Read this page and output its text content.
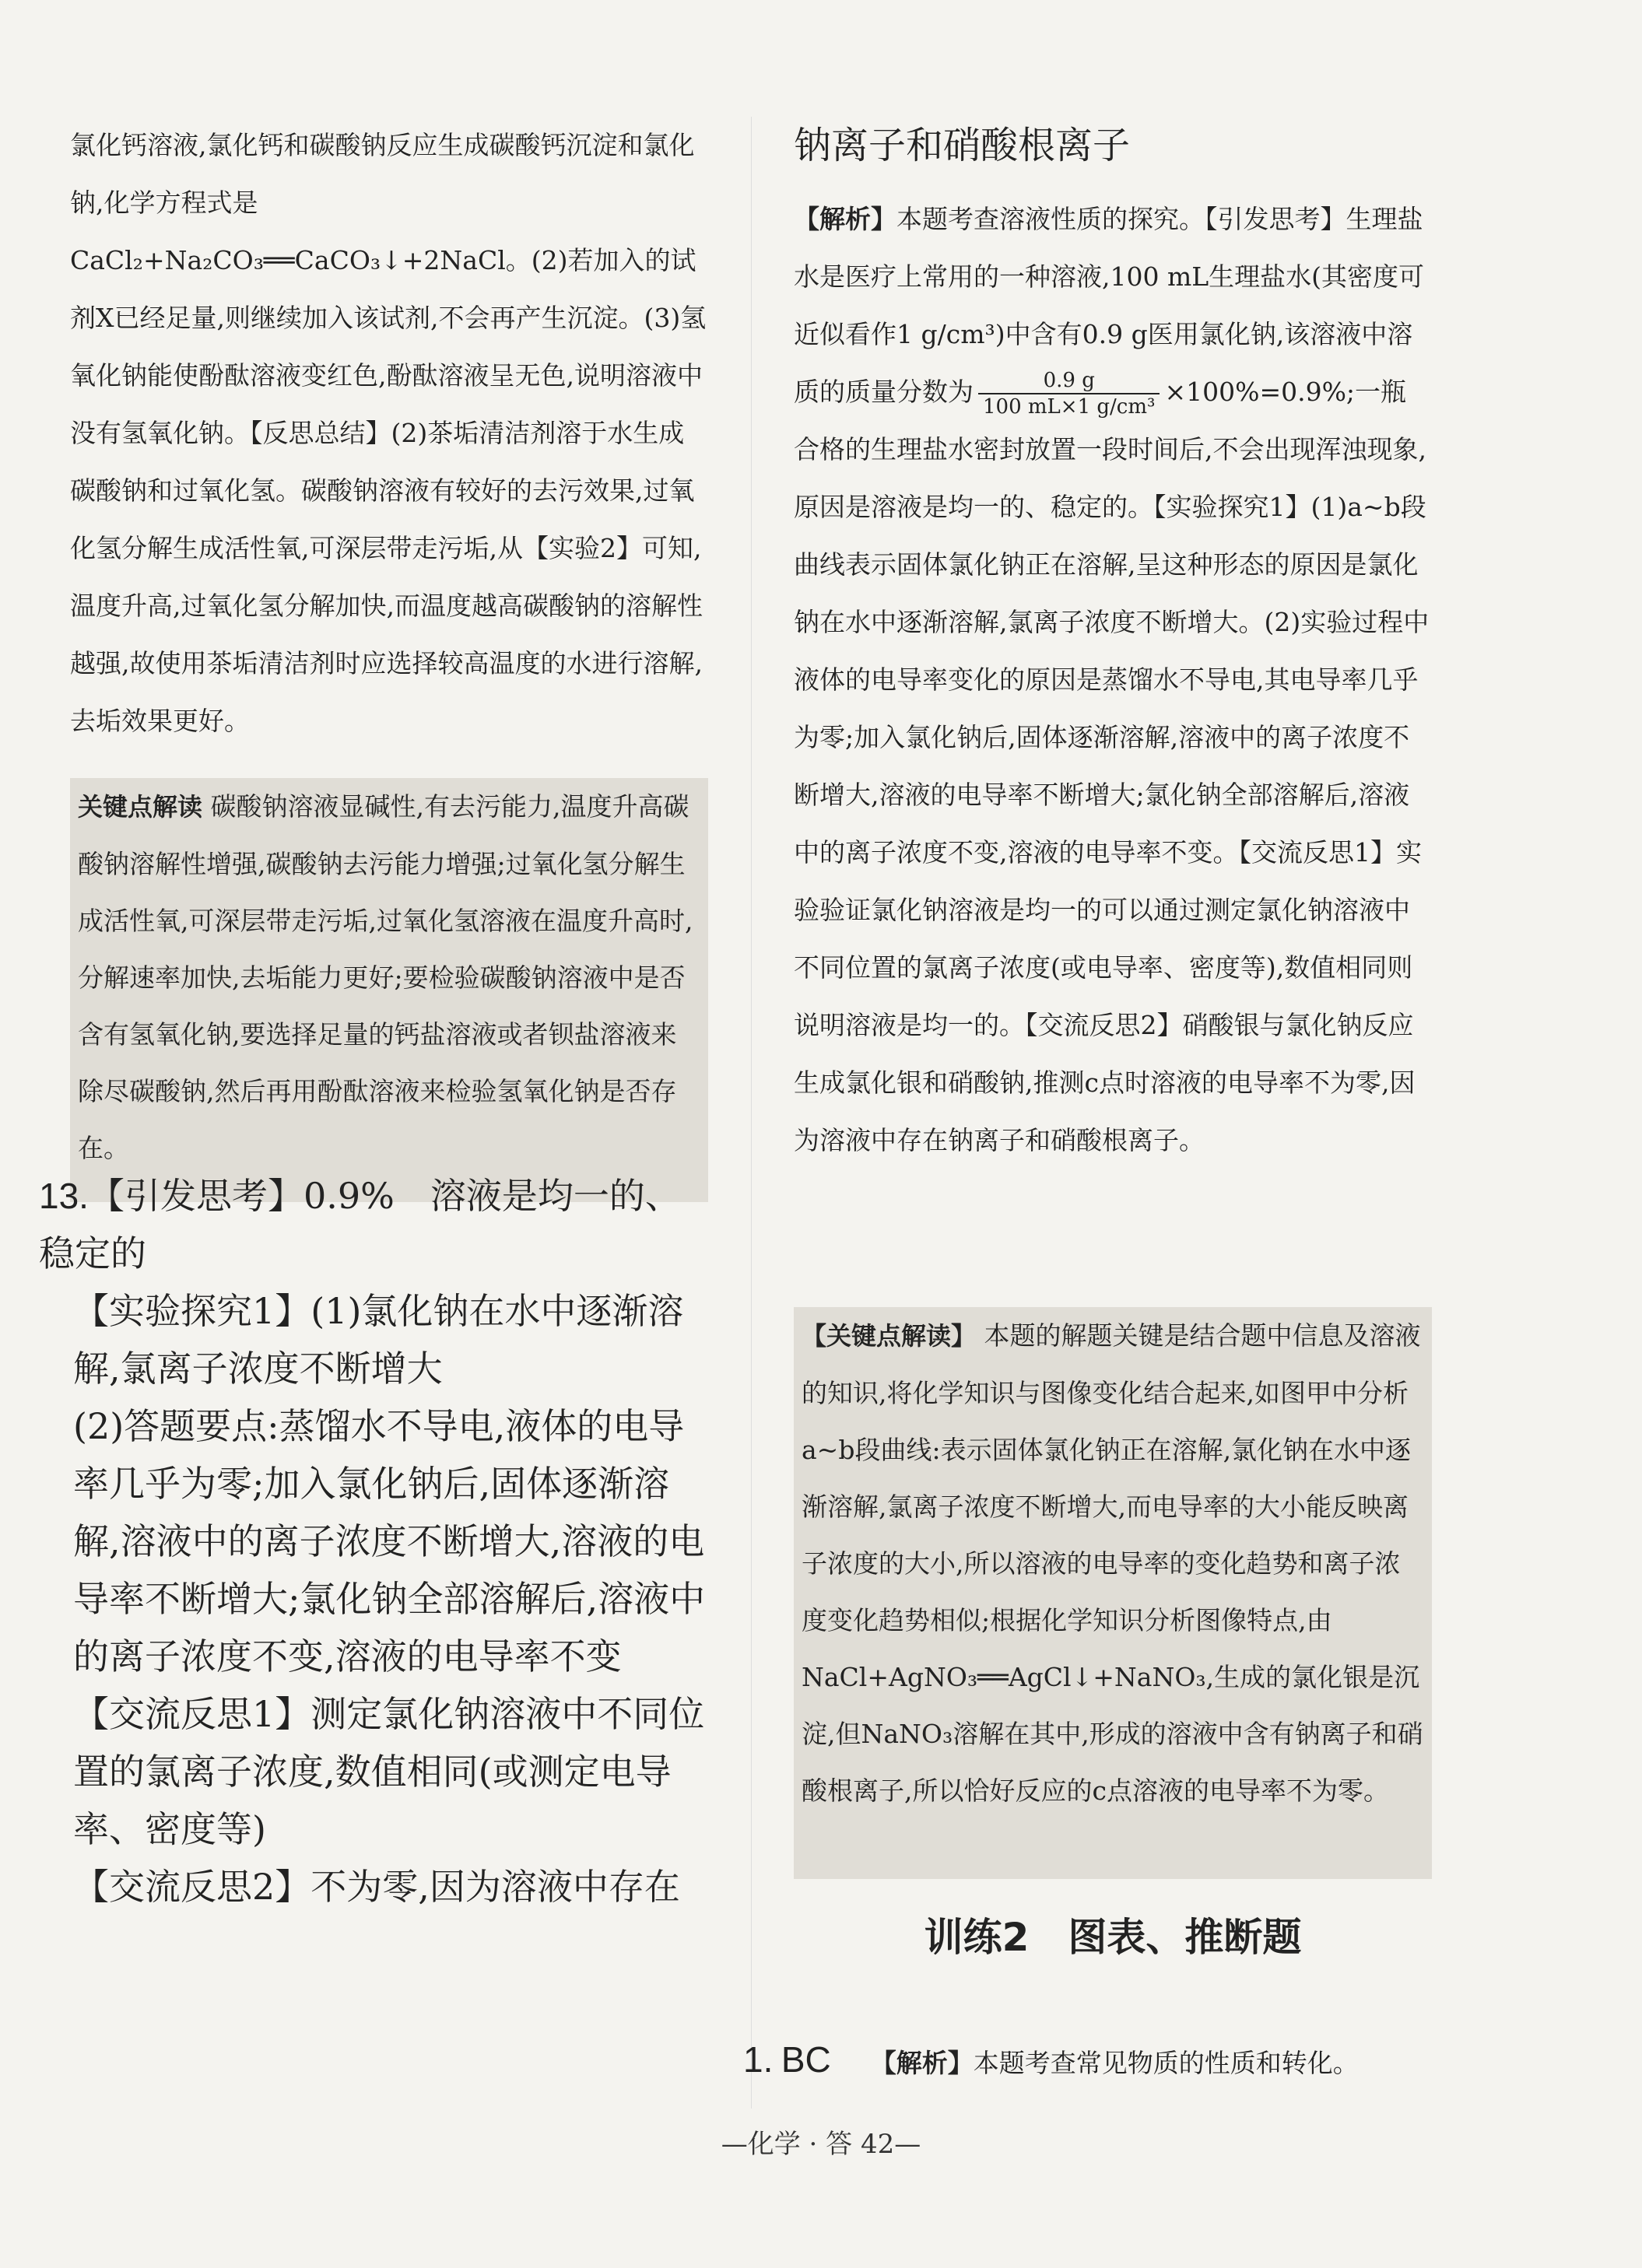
氯化钙溶液,氯化钙和碳酸钠反应生成碳酸钙沉淀和氯化钠,化学方程式是 CaCl₂+Na₂CO₃══CaCO₃↓+2NaCl。(2)若加入的试剂X已经足量,则继续加入该试剂,不会再产生沉淀。(3)氢氧化钠能使酚酞溶液变红色,酚酞溶液呈无色,说明溶液中没有氢氧化钠。【反思总结】(2)茶垢清洁剂溶于水生成碳酸钠和过氧化氢。碳酸钠溶液有较好的去污效果,过氧化氢分解生成活性氧,可深层带走污垢,从【实验2】可知,温度升高,过氧化氢分解加快,而温度越高碳酸钠的溶解性越强,故使用茶垢清洁剂时应选择较高温度的水进行溶解,去垢效果更好。

关键点解读 碳酸钠溶液显碱性,有去污能力,温度升高碳酸钠溶解性增强,碳酸钠去污能力增强;过氧化氢分解生成活性氧,可深层带走污垢,过氧化氢溶液在温度升高时,分解速率加快,去垢能力更好;要检验碳酸钠溶液中是否含有氢氧化钠,要选择足量的钙盐溶液或者钡盐溶液来除尽碳酸钠,然后再用酚酞溶液来检验氢氧化钠是否存在。
13.【引发思考】0.9%　溶液是均一的、稳定的

【实验探究1】(1)氯化钠在水中逐渐溶解,氯离子浓度不断增大

(2)答题要点:蒸馏水不导电,液体的电导率几乎为零;加入氯化钠后,固体逐渐溶解,溶液中的离子浓度不断增大,溶液的电导率不断增大;氯化钠全部溶解后,溶液中的离子浓度不变,溶液的电导率不变

【交流反思1】测定氯化钠溶液中不同位置的氯离子浓度,数值相同(或测定电导率、密度等)

【交流反思2】不为零,因为溶液中存在

钠离子和硝酸根离子

【解析】本题考查溶液性质的探究。【引发思考】生理盐水是医疗上常用的一种溶液,100 mL生理盐水(其密度可近似看作1 g/cm³)中含有0.9 g医用氯化钠,该溶液中溶质的质量分数为 $\frac{0.9 g}{\text{100 mL×1 g/cm³}} \times 100\%=0.9\%$;一瓶合格的生理盐水密封放置一段时间后,不会出现浑浊现象,原因是溶液是均一的、稳定的。【实验探究1】(1)a~b段曲线表示固体氯化钠正在溶解,呈这种形态的原因是氯化钠在水中逐渐溶解,氯离子浓度不断增大。(2)实验过程中液体的电导率变化的原因是蒸馏水不导电,其电导率几乎为零;加入氯化钠后,固体逐渐溶解,溶液中的离子浓度不断增大,溶液的电导率不断增大;氯化钠全部溶解后,溶液中的离子浓度不变,溶液的电导率不变。【交流反思1】实验验证氯化钠溶液是均一的可以通过测定氯化钠溶液中不同位置的氯离子浓度(或电导率、密度等),数值相同则说明溶液是均一的。【交流反思2】硝酸银与氯化钠反应生成氯化银和硝酸钠,推测c点时溶液的电导率不为零,因为溶液中存在钠离子和硝酸根离子。

【关键点解读】 本题的解题关键是结合题中信息及溶液的知识,将化学知识与图像变化结合起来,如图甲中分析a~b段曲线:表示固体氯化钠正在溶解,氯化钠在水中逐渐溶解,氯离子浓度不断增大,而电导率的大小能反映离子浓度的大小,所以溶液的电导率的变化趋势和离子浓度变化趋势相似;根据化学知识分析图像特点,由 NaCl+AgNO₃══AgCl↓+NaNO₃,生成的氯化银是沉淀,但NaNO₃溶解在其中,形成的溶液中含有钠离子和硝酸根离子,所以恰好反应的c点溶液的电导率不为零。
训练2　图表、推断题
1. BC 【解析】本题考查常见物质的性质和转化。
—化学 · 答 42—
